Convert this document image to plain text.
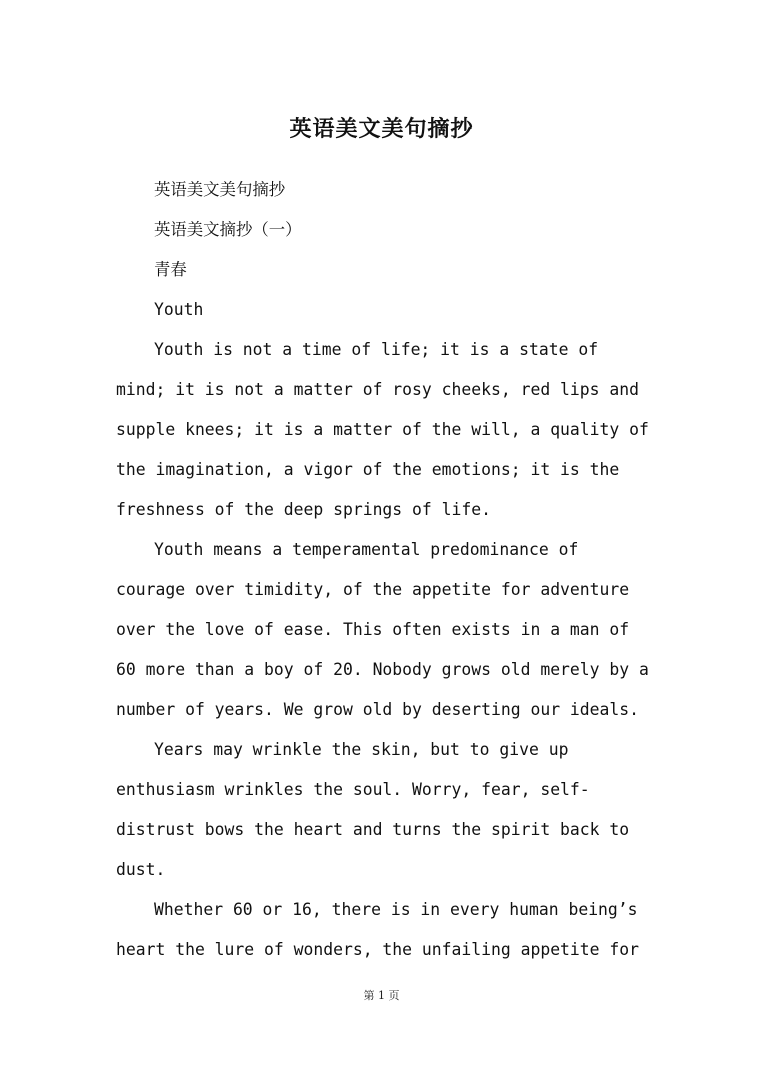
英语美文美句摘抄

英语美文美句摘抄

英语美文摘抄（一）

青春

Youth

Youth is not a time of life; it is a state of mind; it is not a matter of rosy cheeks, red lips and supple knees; it is a matter of the will, a quality of the imagination, a vigor of the emotions; it is the freshness of the deep springs of life.

Youth means a temperamental predominance of courage over timidity, of the appetite for adventure over the love of ease. This often exists in a man of 60 more than a boy of 20. Nobody grows old merely by a number of years. We grow old by deserting our ideals.

Years may wrinkle the skin, but to give up enthusiasm wrinkles the soul. Worry, fear, self-distrust bows the heart and turns the spirit back to dust.

Whether 60 or 16, there is in every human being’s heart the lure of wonders, the unfailing appetite for

第 1 页
